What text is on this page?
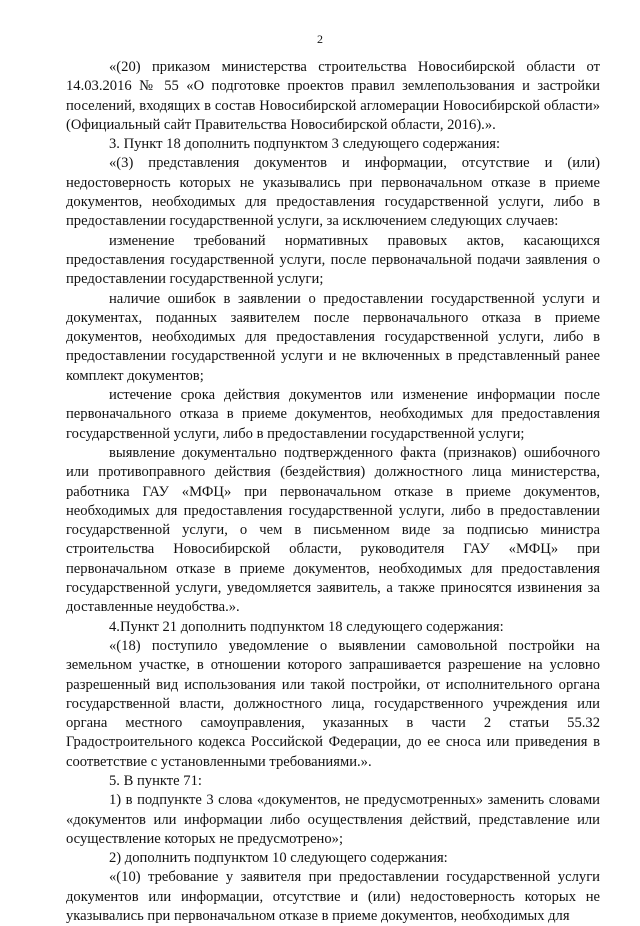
2

«(20) приказом министерства строительства Новосибирской области от 14.03.2016 № 55 «О подготовке проектов правил землепользования и застройки поселений, входящих в состав Новосибирской агломерации Новосибирской области» (Официальный сайт Правительства Новосибирской области, 2016).».

3. Пункт 18 дополнить подпунктом 3 следующего содержания:

«(3) представления документов и информации, отсутствие и (или) недостоверность которых не указывались при первоначальном отказе в приеме документов, необходимых для предоставления государственной услуги, либо в предоставлении государственной услуги, за исключением следующих случаев:

изменение требований нормативных правовых актов, касающихся предоставления государственной услуги, после первоначальной подачи заявления о предоставлении государственной услуги;

наличие ошибок в заявлении о предоставлении государственной услуги и документах, поданных заявителем после первоначального отказа в приеме документов, необходимых для предоставления государственной услуги, либо в предоставлении государственной услуги и не включенных в представленный ранее комплект документов;

истечение срока действия документов или изменение информации после первоначального отказа в приеме документов, необходимых для предоставления государственной услуги, либо в предоставлении государственной услуги;

выявление документально подтвержденного факта (признаков) ошибочного или противоправного действия (бездействия) должностного лица министерства, работника ГАУ «МФЦ» при первоначальном отказе в приеме документов, необходимых для предоставления государственной услуги, либо в предоставлении государственной услуги, о чем в письменном виде за подписью министра строительства Новосибирской области, руководителя ГАУ «МФЦ» при первоначальном отказе в приеме документов, необходимых для предоставления государственной услуги, уведомляется заявитель, а также приносятся извинения за доставленные неудобства.».

4.Пункт 21 дополнить подпунктом 18 следующего содержания:

«(18) поступило уведомление о выявлении самовольной постройки на земельном участке, в отношении которого запрашивается разрешение на условно разрешенный вид использования или такой постройки, от исполнительного органа государственной власти, должностного лица, государственного учреждения или органа местного самоуправления, указанных в части 2 статьи 55.32 Градостроительного кодекса Российской Федерации, до ее сноса или приведения в соответствие с установленными требованиями.».

5. В пункте 71:

1) в подпункте 3 слова «документов, не предусмотренных» заменить словами «документов или информации либо осуществления действий, представление или осуществление которых не предусмотрено»;

2) дополнить подпунктом 10 следующего содержания:

«(10) требование у заявителя при предоставлении государственной услуги документов или информации, отсутствие и (или) недостоверность которых не указывались при первоначальном отказе в приеме документов, необходимых для
